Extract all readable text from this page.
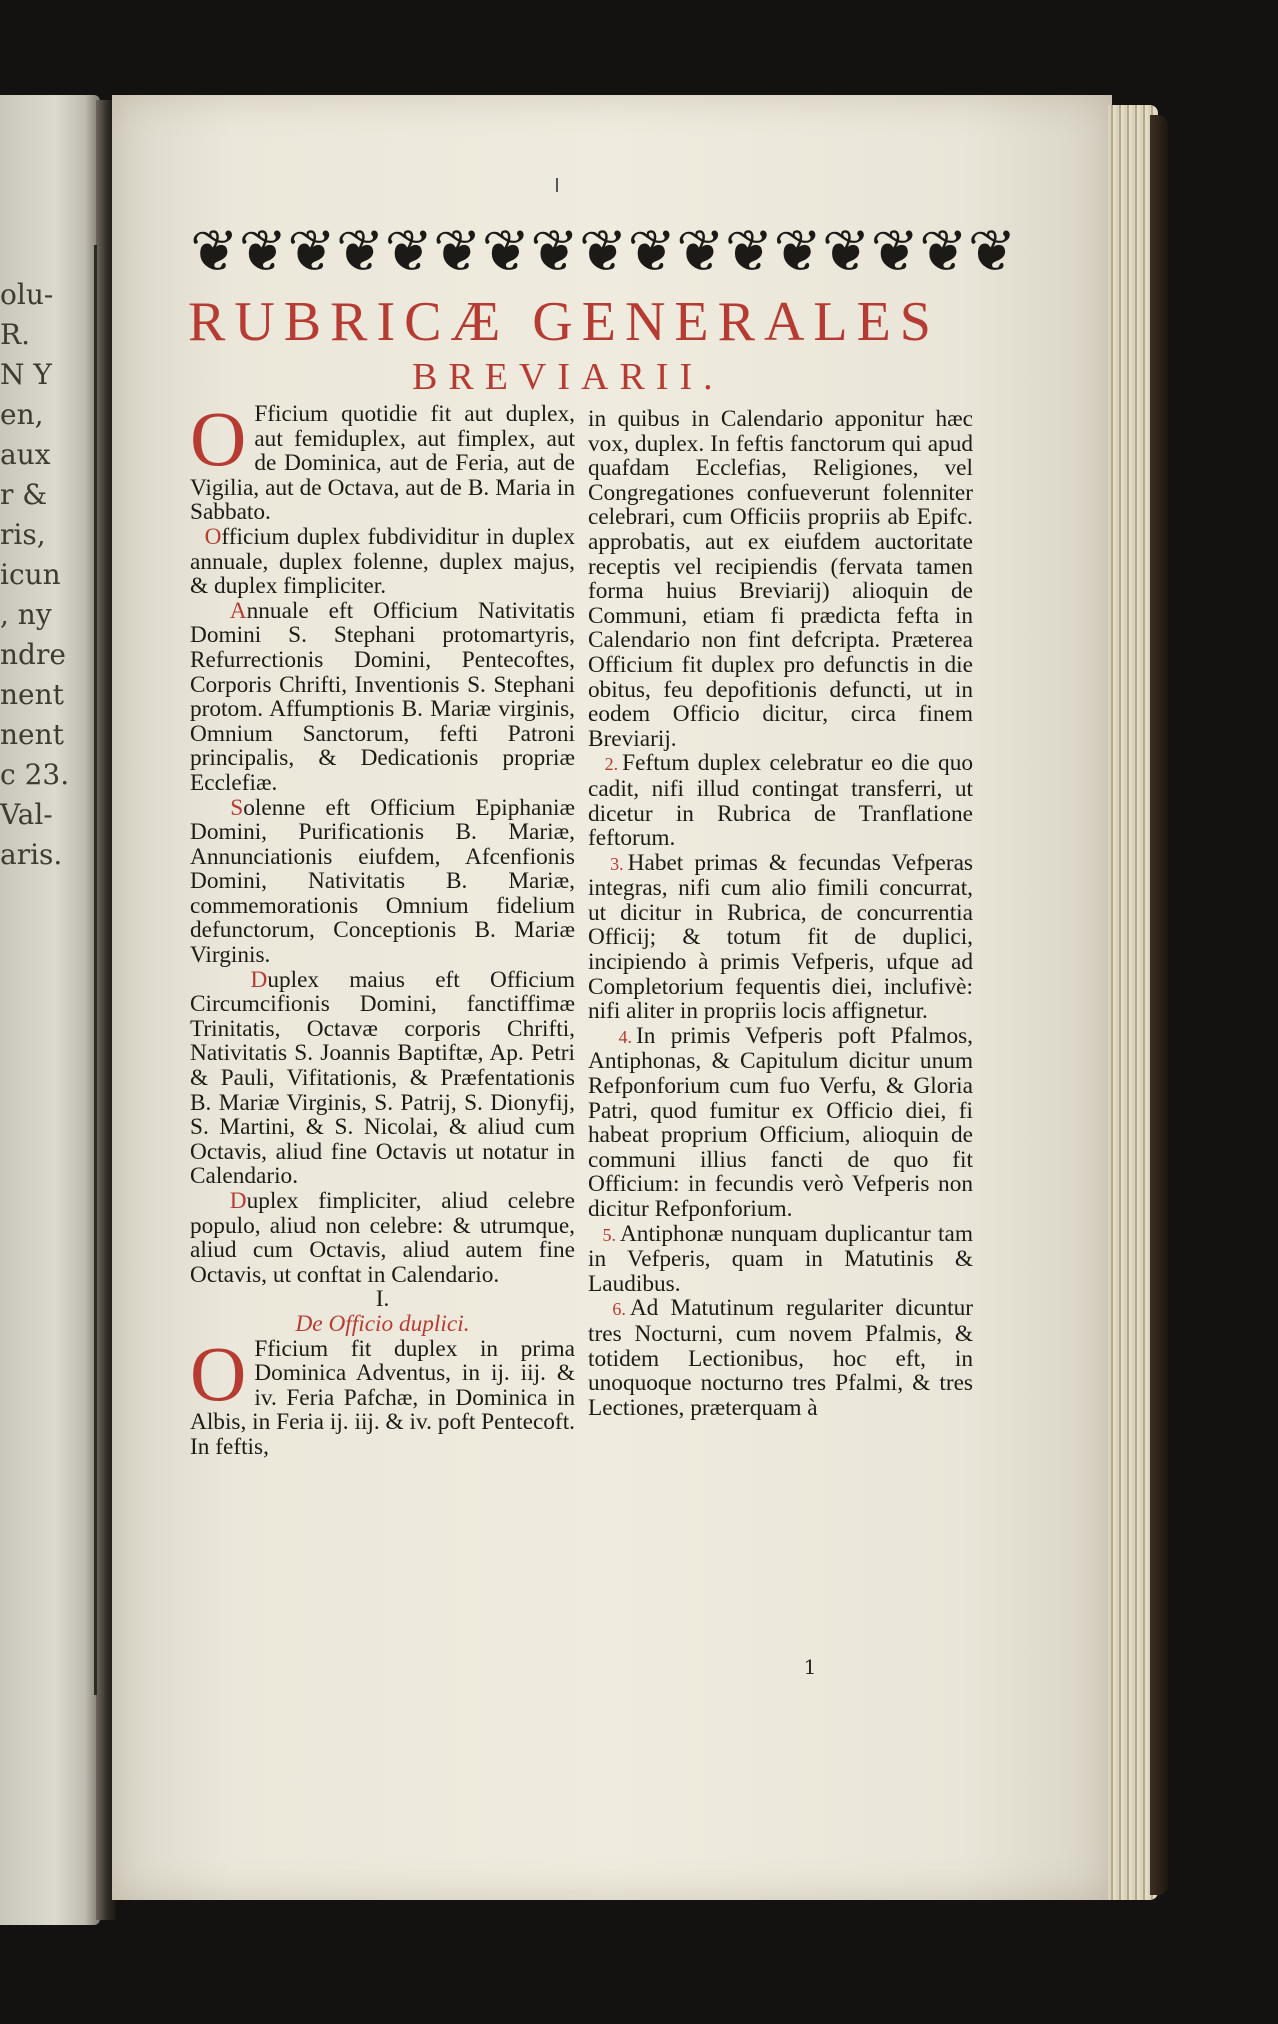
olu-
R.
N Y
en,
aux
r &
ris,
icun
, ny
ndre
nent
nent
c 23.
Val-
aris.
❦ ❦ ❦ ❦ ❦ ❦ ❦ ❦ ❦ ❦ ❦ ❦ ❦ ❦ ❦ ❦ ❦
RUBRICÆ GENERALES
BREVIARII.

O Fficium quotidie fit aut duplex, aut femiduplex, aut fimplex, aut de Dominica, aut de Feria, aut de Vigilia, aut de Octava, aut de B. Maria in Sabbato.

Officium duplex fubdividitur in duplex annuale, duplex folenne, duplex majus, & duplex fimpliciter.

Annuale eft Officium Nativitatis Domini S. Stephani protomartyris, Refurrectionis Domini, Pentecoftes, Corporis Chrifti, Inventionis S. Stephani protom. Affumptionis B. Mariæ virginis, Omnium Sanctorum, fefti Patroni principalis, & Dedicationis propriæ Ecclefiæ.

Solenne eft Officium Epiphaniæ Domini, Purificationis B. Mariæ, Annunciationis eiufdem, Afcenfionis Domini, Nativitatis B. Mariæ, commemorationis Omnium fidelium defunctorum, Conceptionis B. Mariæ Virginis.

Duplex maius eft Officium Circumcifionis Domini, fanctiffimæ Trinitatis, Octavæ corporis Chrifti, Nativitatis S. Joannis Baptiftæ, Ap. Petri & Pauli, Vifitationis, & Præfentationis B. Mariæ Virginis, S. Patrij, S. Dionyfij, S. Martini, & S. Nicolai, & aliud cum Octavis, aliud fine Octavis ut notatur in Calendario.

Duplex fimpliciter, aliud celebre populo, aliud non celebre: & utrumque, aliud cum Octavis, aliud autem fine Octavis, ut conftat in Calendario.

I.

De Officio duplici.

O Fficium fit duplex in prima Dominica Adventus, in ij. iij. & iv. Feria Pafchæ, in Dominica in Albis, in Feria ij. iij. & iv. poft Pentecoft. In feftis,

in quibus in Calendario apponitur hæc vox, duplex. In feftis fanctorum qui apud quafdam Ecclefias, Religiones, vel Congregationes confueverunt folenniter celebrari, cum Officiis propriis ab Epifc. approbatis, aut ex eiufdem auctoritate receptis vel recipiendis (fervata tamen forma huius Breviarij) alioquin de Communi, etiam fi prædicta fefta in Calendario non fint defcripta. Præterea Officium fit duplex pro defunctis in die obitus, feu depofitionis defuncti, ut in eodem Officio dicitur, circa finem Breviarij.

2. Feftum duplex celebratur eo die quo cadit, nifi illud contingat transferri, ut dicetur in Rubrica de Tranflatione feftorum.

3. Habet primas & fecundas Vefperas integras, nifi cum alio fimili concurrat, ut dicitur in Rubrica, de concurrentia Officij; & totum fit de duplici, incipiendo à primis Vefperis, ufque ad Completorium fequentis diei, inclufivè: nifi aliter in propriis locis affignetur.

4. In primis Vefperis poft Pfalmos, Antiphonas, & Capitulum dicitur unum Refponforium cum fuo Verfu, & Gloria Patri, quod fumitur ex Officio diei, fi habeat proprium Officium, alioquin de communi illius fancti de quo fit Officium: in fecundis verò Vefperis non dicitur Refponforium.

5. Antiphonæ nunquam duplicantur tam in Vefperis, quam in Matutinis & Laudibus.

6. Ad Matutinum regulariter dicuntur tres Nocturni, cum novem Pfalmis, & totidem Lectionibus, hoc eft, in unoquoque nocturno tres Pfalmi, & tres Lectiones, præterquam à

1
